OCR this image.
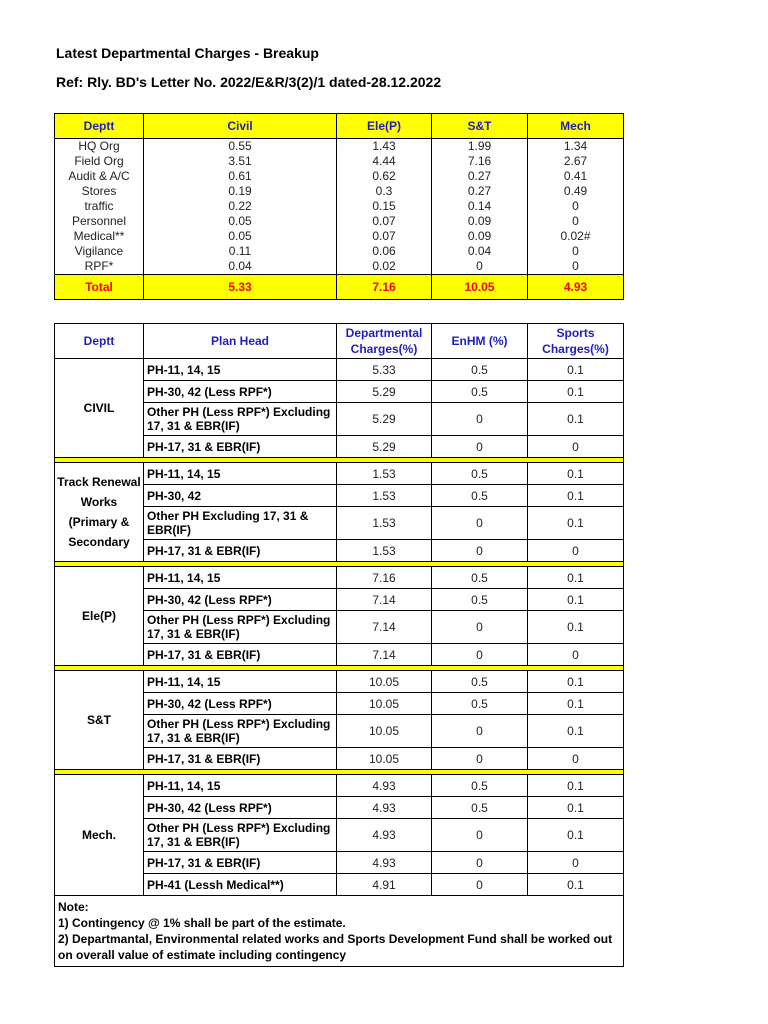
Latest Departmental Charges - Breakup
Ref: Rly. BD's Letter No. 2022/E&R/3(2)/1 dated-28.12.2022
Deptt	Civil	Ele(P)	S&T	Mech
HQ Org	0.55	1.43	1.99	1.34
Field Org	3.51	4.44	7.16	2.67
Audit & A/C	0.61	0.62	0.27	0.41
Stores	0.19	0.3	0.27	0.49
traffic	0.22	0.15	0.14	0
Personnel	0.05	0.07	0.09	0
Medical**	0.05	0.07	0.09	0.02#
Vigilance	0.11	0.06	0.04	0
RPF*	0.04	0.02	0	0
Total	5.33	7.16	10.05	4.93
Deptt	Plan Head	Departmental Charges(%)	EnHM (%)	Sports Charges(%)
CIVIL	PH-11, 14, 15	5.33	0.5	0.1
	PH-30, 42 (Less RPF*)	5.29	0.5	0.1
	Other PH (Less RPF*) Excluding 17, 31 & EBR(IF)	5.29	0	0.1
	PH-17, 31 & EBR(IF)	5.29	0	0

Track Renewal Works (Primary & Secondary	PH-11, 14, 15	1.53	0.5	0.1
	PH-30, 42	1.53	0.5	0.1
	Other PH Excluding 17, 31 & EBR(IF)	1.53	0	0.1
	PH-17, 31 & EBR(IF)	1.53	0	0

Ele(P)	PH-11, 14, 15	7.16	0.5	0.1
	PH-30, 42 (Less RPF*)	7.14	0.5	0.1
	Other PH (Less RPF*) Excluding 17, 31 & EBR(IF)	7.14	0	0.1
	PH-17, 31 & EBR(IF)	7.14	0	0

S&T	PH-11, 14, 15	10.05	0.5	0.1
	PH-30, 42 (Less RPF*)	10.05	0.5	0.1
	Other PH (Less RPF*) Excluding 17, 31 & EBR(IF)	10.05	0	0.1
	PH-17, 31 & EBR(IF)	10.05	0	0

Mech.	PH-11, 14, 15	4.93	0.5	0.1
	PH-30, 42 (Less RPF*)	4.93	0.5	0.1
	Other PH (Less RPF*) Excluding 17, 31 & EBR(IF)	4.93	0	0.1
	PH-17, 31 & EBR(IF)	4.93	0	0
	PH-41 (Lessh Medical**)	4.91	0	0.1

Note:
1) Contingency @ 1% shall be part of the estimate.
2) Departmantal, Environmental related works and Sports Development Fund shall be worked out on overall value of estimate including contingency				
